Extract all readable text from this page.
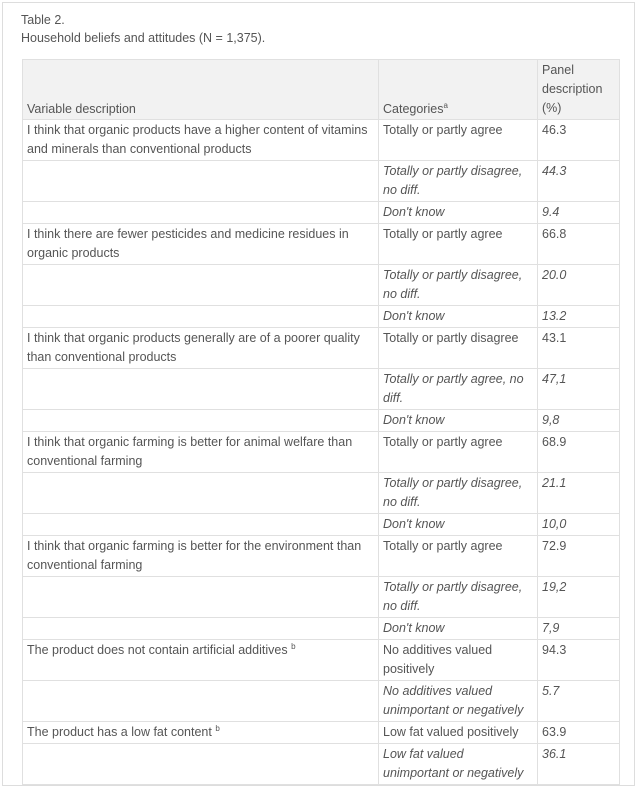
Table 2.
Household beliefs and attitudes (N = 1,375).
Variable description	Categories$^a$	Panel description (%)
I think that organic products have a higher content of vitamins and minerals than conventional products	Totally or partly agree	46.3
	Totally or partly disagree, no diff.	44.3
	Don't know	9.4
I think there are fewer pesticides and medicine residues in organic products	Totally or partly agree	66.8
	Totally or partly disagree, no diff.	20.0
	Don't know	13.2
I think that organic products generally are of a poorer quality than conventional products	Totally or partly disagree	43.1
	Totally or partly agree, no diff.	47,1
	Don't know	9,8
I think that organic farming is better for animal welfare than conventional farming	Totally or partly agree	68.9
	Totally or partly disagree, no diff.	21.1
	Don't know	10,0
I think that organic farming is better for the environment than conventional farming	Totally or partly agree	72.9
	Totally or partly disagree, no diff.	19,2
	Don't know	7,9
The product does not contain artificial additives $^b$	No additives valued positively	94.3
	No additives valued unimportant or negatively	5.7
The product has a low fat content $^b$	Low fat valued positively	63.9
	Low fat valued unimportant or negatively	36.1
